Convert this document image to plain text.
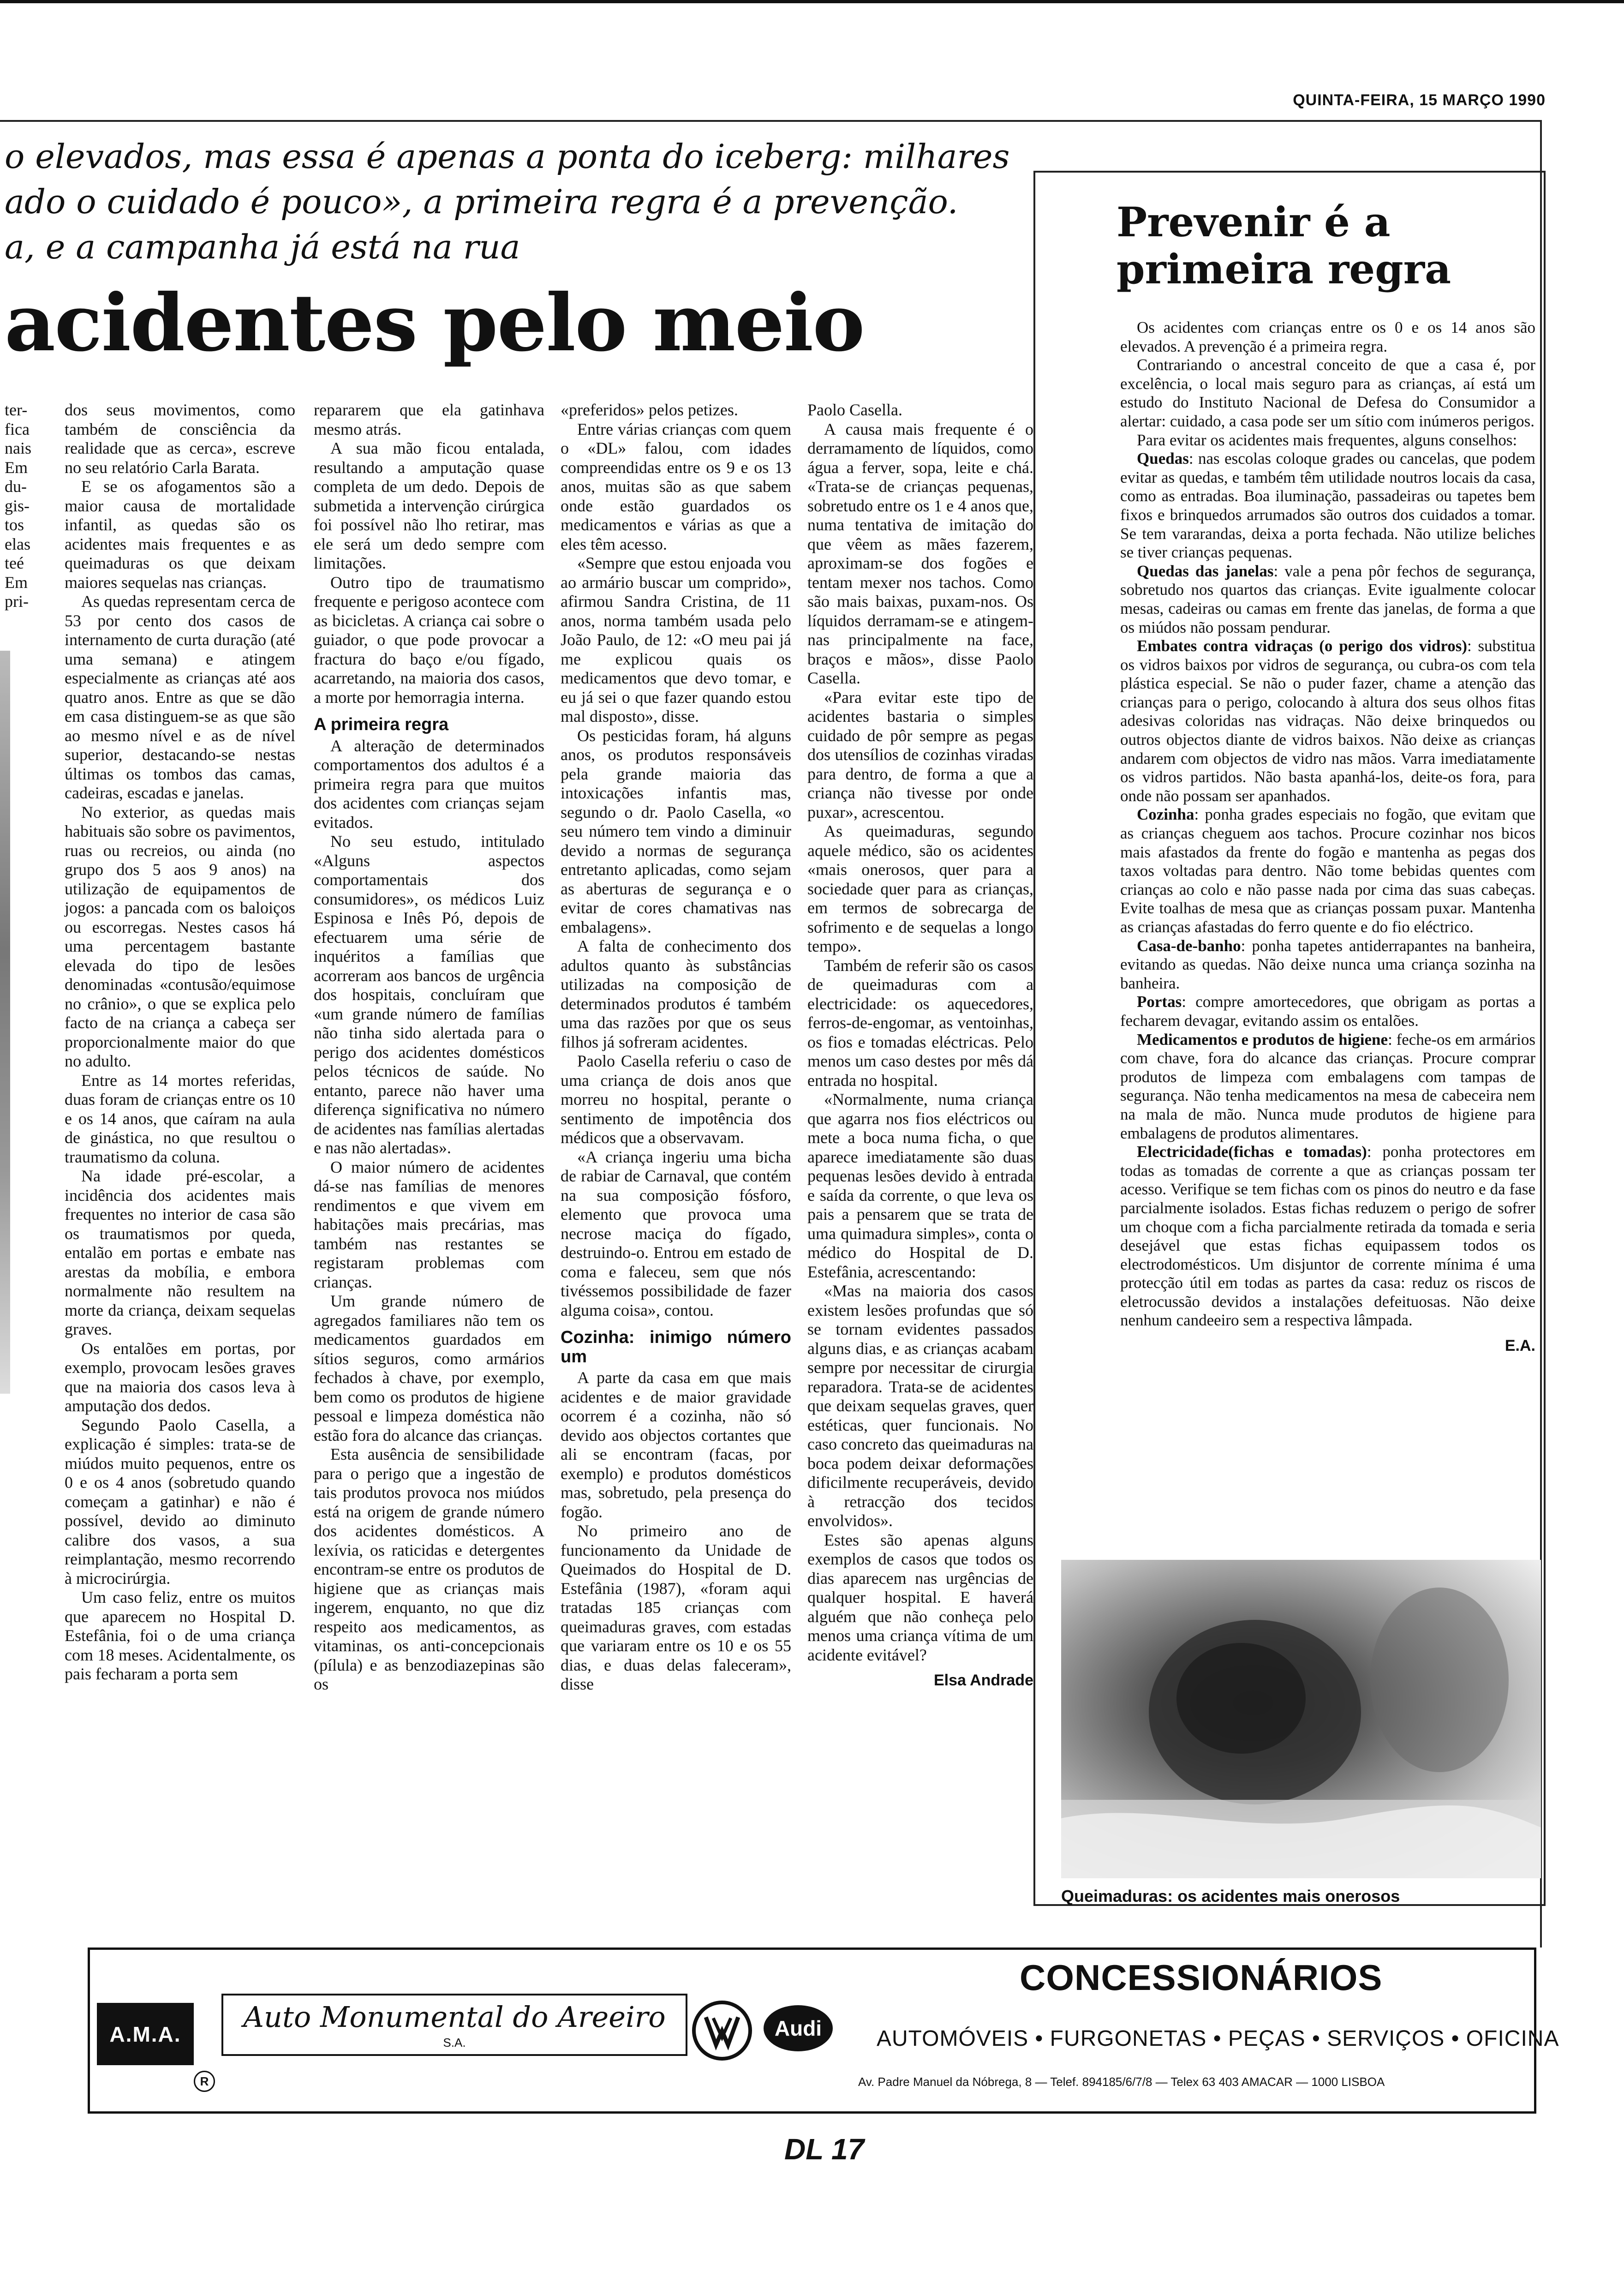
QUINTA-FEIRA, 15 MARÇO 1990
o elevados, mas essa é apenas a ponta do iceberg: milhares
ado o cuidado é pouco», a primeira regra é a prevenção.
a, e a campanha já está na rua
acidentes pelo meio

ter-

fica

nais

Em

du-

gis-

tos

elas

teé

Em

pri-

dos seus movimentos, como também de consciência da realidade que as cerca», escreve no seu relatório Carla Barata.

E se os afogamentos são a maior causa de mortalidade infantil, as quedas são os acidentes mais frequentes e as queimaduras os que deixam maiores sequelas nas crianças.

As quedas representam cerca de 53 por cento dos casos de internamento de curta duração (até uma semana) e atingem especialmente as crianças até aos quatro anos. Entre as que se dão em casa distinguem-se as que são ao mesmo nível e as de nível superior, destacando-se nestas últimas os tombos das camas, cadeiras, escadas e janelas.

No exterior, as quedas mais habituais são sobre os pavimentos, ruas ou recreios, ou ainda (no grupo dos 5 aos 9 anos) na utilização de equipamentos de jogos: a pancada com os baloiços ou escorregas. Nestes casos há uma percentagem bastante elevada do tipo de lesões denominadas «contusão/equimose no crânio», o que se explica pelo facto de na criança a cabeça ser proporcionalmente maior do que no adulto.

Entre as 14 mortes referidas, duas foram de crianças entre os 10 e os 14 anos, que caíram na aula de ginástica, no que resultou o traumatismo da coluna.

Na idade pré-escolar, a incidência dos acidentes mais frequentes no interior de casa são os traumatismos por queda, entalão em portas e embate nas arestas da mobília, e embora normalmente não resultem na morte da criança, deixam sequelas graves.

Os entalões em portas, por exemplo, provocam lesões graves que na maioria dos casos leva à amputação dos dedos.

Segundo Paolo Casella, a explicação é simples: trata-se de miúdos muito pequenos, entre os 0 e os 4 anos (sobretudo quando começam a gatinhar) e não é possível, devido ao diminuto calibre dos vasos, a sua reimplantação, mesmo recorrendo à microcirúrgia.

Um caso feliz, entre os muitos que aparecem no Hospital D. Estefânia, foi o de uma criança com 18 meses. Acidentalmente, os pais fecharam a porta sem

repararem que ela gatinhava mesmo atrás.

A sua mão ficou entalada, resultando a amputação quase completa de um dedo. Depois de submetida a intervenção cirúrgica foi possível não lho retirar, mas ele será um dedo sempre com limitações.

Outro tipo de traumatismo frequente e perigoso acontece com as bicicletas. A criança cai sobre o guiador, o que pode provocar a fractura do baço e/ou fígado, acarretando, na maioria dos casos, a morte por hemorragia interna.

A primeira regra

A alteração de determinados comportamentos dos adultos é a primeira regra para que muitos dos acidentes com crianças sejam evitados.

No seu estudo, intitulado «Alguns aspectos comportamentais dos consumidores», os médicos Luiz Espinosa e Inês Pó, depois de efectuarem uma série de inquéritos a famílias que acorreram aos bancos de urgência dos hospitais, concluíram que «um grande número de famílias não tinha sido alertada para o perigo dos acidentes domésticos pelos técnicos de saúde. No entanto, parece não haver uma diferença significativa no número de acidentes nas famílias alertadas e nas não alertadas».

O maior número de acidentes dá-se nas famílias de menores rendimentos e que vivem em habitações mais precárias, mas também nas restantes se registaram problemas com crianças.

Um grande número de agregados familiares não tem os medicamentos guardados em sítios seguros, como armários fechados à chave, por exemplo, bem como os produtos de higiene pessoal e limpeza doméstica não estão fora do alcance das crianças.

Esta ausência de sensibilidade para o perigo que a ingestão de tais produtos provoca nos miúdos está na origem de grande número dos acidentes domésticos. A lexívia, os raticidas e detergentes encontram-se entre os produtos de higiene que as crianças mais ingerem, enquanto, no que diz respeito aos medicamentos, as vitaminas, os anti-concepcionais (pílula) e as benzodiazepinas são os

«preferidos» pelos petizes.

Entre várias crianças com quem o «DL» falou, com idades compreendidas entre os 9 e os 13 anos, muitas são as que sabem onde estão guardados os medicamentos e várias as que a eles têm acesso.

«Sempre que estou enjoada vou ao armário buscar um comprido», afirmou Sandra Cristina, de 11 anos, norma também usada pelo João Paulo, de 12: «O meu pai já me explicou quais os medicamentos que devo tomar, e eu já sei o que fazer quando estou mal disposto», disse.

Os pesticidas foram, há alguns anos, os produtos responsáveis pela grande maioria das intoxicações infantis mas, segundo o dr. Paolo Casella, «o seu número tem vindo a diminuir devido a normas de segurança entretanto aplicadas, como sejam as aberturas de segurança e o evitar de cores chamativas nas embalagens».

A falta de conhecimento dos adultos quanto às substâncias utilizadas na composição de determinados produtos é também uma das razões por que os seus filhos já sofreram acidentes.

Paolo Casella referiu o caso de uma criança de dois anos que morreu no hospital, perante o sentimento de impotência dos médicos que a observavam.

«A criança ingeriu uma bicha de rabiar de Carnaval, que contém na sua composição fósforo, elemento que provoca uma necrose maciça do fígado, destruindo-o. Entrou em estado de coma e faleceu, sem que nós tivéssemos possibilidade de fazer alguma coisa», contou.

Cozinha: inimigo número um

A parte da casa em que mais acidentes e de maior gravidade ocorrem é a cozinha, não só devido aos objectos cortantes que ali se encontram (facas, por exemplo) e produtos domésticos mas, sobretudo, pela presença do fogão.

No primeiro ano de funcionamento da Unidade de Queimados do Hospital de D. Estefânia (1987), «foram aqui tratadas 185 crianças com queimaduras graves, com estadas que variaram entre os 10 e os 55 dias, e duas delas faleceram», disse

Paolo Casella.

A causa mais frequente é o derramamento de líquidos, como água a ferver, sopa, leite e chá. «Trata-se de crianças pequenas, sobretudo entre os 1 e 4 anos que, numa tentativa de imitação do que vêem as mães fazerem, aproximam-se dos fogões e tentam mexer nos tachos. Como são mais baixas, puxam-nos. Os líquidos derramam-se e atingem-nas principalmente na face, braços e mãos», disse Paolo Casella.

«Para evitar este tipo de acidentes bastaria o simples cuidado de pôr sempre as pegas dos utensílios de cozinhas viradas para dentro, de forma a que a criança não tivesse por onde puxar», acrescentou.

As queimaduras, segundo aquele médico, são os acidentes «mais onerosos, quer para a sociedade quer para as crianças, em termos de sobrecarga de sofrimento e de sequelas a longo tempo».

Também de referir são os casos de queimaduras com a electricidade: os aquecedores, ferros-de-engomar, as ventoinhas, os fios e tomadas eléctricas. Pelo menos um caso destes por mês dá entrada no hospital.

«Normalmente, numa criança que agarra nos fios eléctricos ou mete a boca numa ficha, o que aparece imediatamente são duas pequenas lesões devido à entrada e saída da corrente, o que leva os pais a pensarem que se trata de uma quimadura simples», conta o médico do Hospital de D. Estefânia, acrescentando:

«Mas na maioria dos casos existem lesões profundas que só se tornam evidentes passados alguns dias, e as crianças acabam sempre por necessitar de cirurgia reparadora. Trata-se de acidentes que deixam sequelas graves, quer estéticas, quer funcionais. No caso concreto das queimaduras na boca podem deixar deformações dificilmente recuperáveis, devido à retracção dos tecidos envolvidos».

Estes são apenas alguns exemplos de casos que todos os dias aparecem nas urgências de qualquer hospital. E haverá alguém que não conheça pelo menos uma criança vítima de um acidente evitável?

Elsa Andrade
Prevenir é a
primeira regra

Os acidentes com crianças entre os 0 e os 14 anos são elevados. A prevenção é a primeira regra.

Contrariando o ancestral conceito de que a casa é, por excelência, o local mais seguro para as crianças, aí está um estudo do Instituto Nacional de Defesa do Consumidor a alertar: cuidado, a casa pode ser um sítio com inúmeros perigos.

Para evitar os acidentes mais frequentes, alguns conselhos:

Quedas: nas escolas coloque grades ou cancelas, que podem evitar as quedas, e também têm utilidade noutros locais da casa, como as entradas. Boa iluminação, passadeiras ou tapetes bem fixos e brinquedos arrumados são outros dos cuidados a tomar. Se tem vararandas, deixa a porta fechada. Não utilize beliches se tiver crianças pequenas.

Quedas das janelas: vale a pena pôr fechos de segurança, sobretudo nos quartos das crianças. Evite igualmente colocar mesas, cadeiras ou camas em frente das janelas, de forma a que os miúdos não possam pendurar.

Embates contra vidraças (o perigo dos vidros): substitua os vidros baixos por vidros de segurança, ou cubra-os com tela plástica especial. Se não o puder fazer, chame a atenção das crianças para o perigo, colocando à altura dos seus olhos fitas adesivas coloridas nas vidraças. Não deixe brinquedos ou outros objectos diante de vidros baixos. Não deixe as crianças andarem com objectos de vidro nas mãos. Varra imediatamente os vidros partidos. Não basta apanhá-los, deite-os fora, para onde não possam ser apanhados.

Cozinha: ponha grades especiais no fogão, que evitam que as crianças cheguem aos tachos. Procure cozinhar nos bicos mais afastados da frente do fogão e mantenha as pegas dos taxos voltadas para dentro. Não tome bebidas quentes com crianças ao colo e não passe nada por cima das suas cabeças. Evite toalhas de mesa que as crianças possam puxar. Mantenha as crianças afastadas do ferro quente e do fio eléctrico.

Casa-de-banho: ponha tapetes antiderrapantes na banheira, evitando as quedas. Não deixe nunca uma criança sozinha na banheira.

Portas: compre amortecedores, que obrigam as portas a fecharem devagar, evitando assim os entalões.

Medicamentos e produtos de higiene: feche-os em armários com chave, fora do alcance das crianças. Procure comprar produtos de limpeza com embalagens com tampas de segurança. Não tenha medicamentos na mesa de cabeceira nem na mala de mão. Nunca mude produtos de higiene para embalagens de produtos alimentares.

Electricidade(fichas e tomadas): ponha protectores em todas as tomadas de corrente a que as crianças possam ter acesso. Verifique se tem fichas com os pinos do neutro e da fase parcialmente isolados. Estas fichas reduzem o perigo de sofrer um choque com a ficha parcialmente retirada da tomada e seria desejável que estas fichas equipassem todos os electrodomésticos. Um disjuntor de corrente mínima é uma protecção útil em todas as partes da casa: reduz os riscos de eletrocussão devidos a instalações defeituosas. Não deixe nenhum candeeiro sem a respectiva lâmpada.

E.A.
Queimaduras: os acidentes mais onerosos
A.M.A.
R
Auto Monumental do Areeiro
S.A.
Audi
CONCESSIONÁRIOS
AUTOMÓVEIS • FURGONETAS • PEÇAS • SERVIÇOS • OFICINA
Av. Padre Manuel da Nóbrega, 8 — Telef. 894185/6/7/8 — Telex 63 403 AMACAR — 1000 LISBOA
DL 17
